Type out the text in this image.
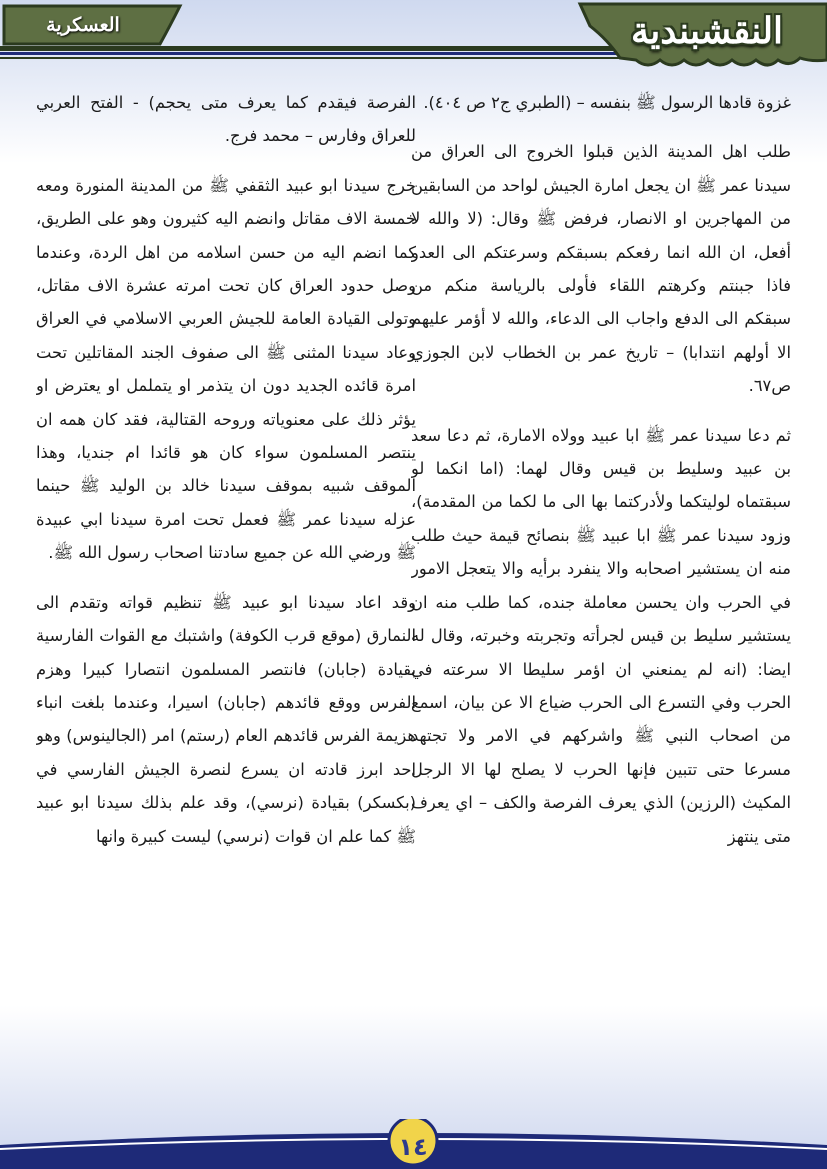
النقشبندية
العسكرية

غزوة قادها الرسول ﷺ بنفسه – (الطبري ج٢ ص ٤٠٤).

طلب اهل المدينة الذين قبلوا الخروج الى العراق من سيدنا عمر ﷺ ان يجعل امارة الجيش لواحد من السابقين من المهاجرين او الانصار، فرفض ﷺ وقال: (لا والله لا أفعل، ان الله انما رفعكم بسبقكم وسرعتكم الى العدو فاذا جبنتم وكرهتم اللقاء فأولى بالرياسة منكم من سبقكم الى الدفع واجاب الى الدعاء، والله لا أؤمر عليهم الا أولهم انتدابا) – تاريخ عمر بن الخطاب لابن الجوزي ص٦٧.

ثم دعا سيدنا عمر ﷺ ابا عبيد وولاه الامارة، ثم دعا سعد بن عبيد وسليط بن قيس وقال لهما: (اما انكما لو سبقتماه لوليتكما ولأدركتما بها الى ما لكما من المقدمة)، وزود سيدنا عمر ﷺ ابا عبيد ﷺ بنصائح قيمة حيث طلب منه ان يستشير اصحابه والا ينفرد برأيه والا يتعجل الامور في الحرب وان يحسن معاملة جنده، كما طلب منه ان يستشير سليط بن قيس لجرأته وتجربته وخبرته، وقال له ايضا: (انه لم يمنعني ان اؤمر سليطا الا سرعته في الحرب وفي التسرع الى الحرب ضياع الا عن بيان، اسمع من اصحاب النبي ﷺ واشركهم في الامر ولا تجتهد مسرعا حتى تتبين فإنها الحرب لا يصلح لها الا الرجل المكيث (الرزين) الذي يعرف الفرصة والكف – اي يعرف متى ينتهز

الفرصة فيقدم كما يعرف متى يحجم) - الفتح العربي للعراق وفارس – محمد فرج.

خرج سيدنا ابو عبيد الثقفي ﷺ من المدينة المنورة ومعه خمسة الاف مقاتل وانضم اليه كثيرون وهو على الطريق، كما انضم اليه من حسن اسلامه من اهل الردة، وعندما وصل حدود العراق كان تحت امرته عشرة الاف مقاتل، وتولى القيادة العامة للجيش العربي الاسلامي في العراق وعاد سيدنا المثنى ﷺ الى صفوف الجند المقاتلين تحت امرة قائده الجديد دون ان يتذمر او يتململ او يعترض او يؤثر ذلك على معنوياته وروحه القتالية، فقد كان همه ان ينتصر المسلمون سواء كان هو قائدا ام جنديا، وهذا الموقف شبيه بموقف سيدنا خالد بن الوليد ﷺ حينما عزله سيدنا عمر ﷺ فعمل تحت امرة سيدنا ابي عبيدة ﷺ ورضي الله عن جميع سادتنا اصحاب رسول الله ﷺ.

وقد اعاد سيدنا ابو عبيد ﷺ تنظيم قواته وتقدم الى النمارق (موقع قرب الكوفة) واشتبك مع القوات الفارسية بقيادة (جابان) فانتصر المسلمون انتصارا كبيرا وهزم الفرس ووقع قائدهم (جابان) اسيرا، وعندما بلغت انباء هزيمة الفرس قائدهم العام (رستم) امر (الجالينوس) وهو احد ابرز قادته ان يسرع لنصرة الجيش الفارسي في (بكسكر) بقيادة (نرسي)، وقد علم بذلك سيدنا ابو عبيد ﷺ كما علم ان قوات (نرسي) ليست كبيرة وانها

١٤
